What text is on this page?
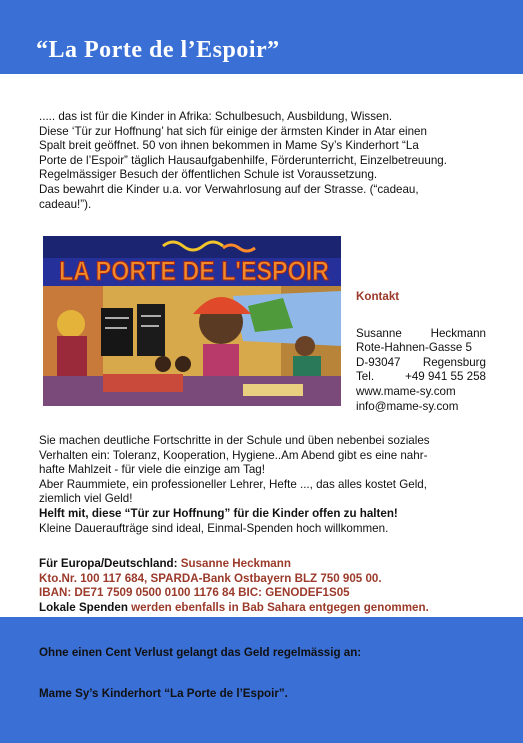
“La Porte de l’Espoir”
..... das ist für die Kinder in Afrika: Schulbesuch, Ausbildung, Wissen.
Diese ‘Tür zur Hoffnung’ hat sich für einige der ärmsten Kinder in Atar einen
Spalt breit geöffnet. 50 von ihnen bekommen in Mame Sy’s Kinderhort “La
Porte de l’Espoir” täglich Hausaufgabenhilfe, Förderunterricht, Einzelbetreuung.
Regelmässiger Besuch der öffentlichen Schule ist Voraussetzung.
Das bewahrt die Kinder u.a. vor Verwahrlosung auf der Strasse. (“cadeau,
cadeau!”).
LA PORTE DE L'ESPOIR
Kontakt
Susanne Heckmann
Rote-Hahnen-Gasse 5
D-93047 Regensburg
Tel.	+49 941 55 258
www.mame-sy.com
info@mame-sy.com
Sie machen deutliche Fortschritte in der Schule und üben nebenbei soziales
Verhalten ein: Toleranz, Kooperation, Hygiene..Am Abend gibt es eine nahr-
hafte Mahlzeit - für viele die einzige am Tag!
Aber Raummiete, ein professioneller Lehrer, Hefte ..., das alles kostet Geld,
ziemlich viel Geld!
Helft mit, diese “Tür zur Hoffnung” für die Kinder offen zu halten!
Kleine Daueraufträge sind ideal, Einmal-Spenden hoch willkommen.
Für Europa/Deutschland: Susanne Heckmann
Kto.Nr. 100 117 684, SPARDA-Bank Ostbayern BLZ 750 905 00.
IBAN: DE71 7509 0500 0100 1176 84 BIC: GENODEF1S05
Lokale Spenden werden ebenfalls in Bab Sahara entgegen genommen.

Ohne einen Cent Verlust gelangt das Geld regelmässig an:

Mame Sy’s Kinderhort “La Porte de l’Espoir”.
